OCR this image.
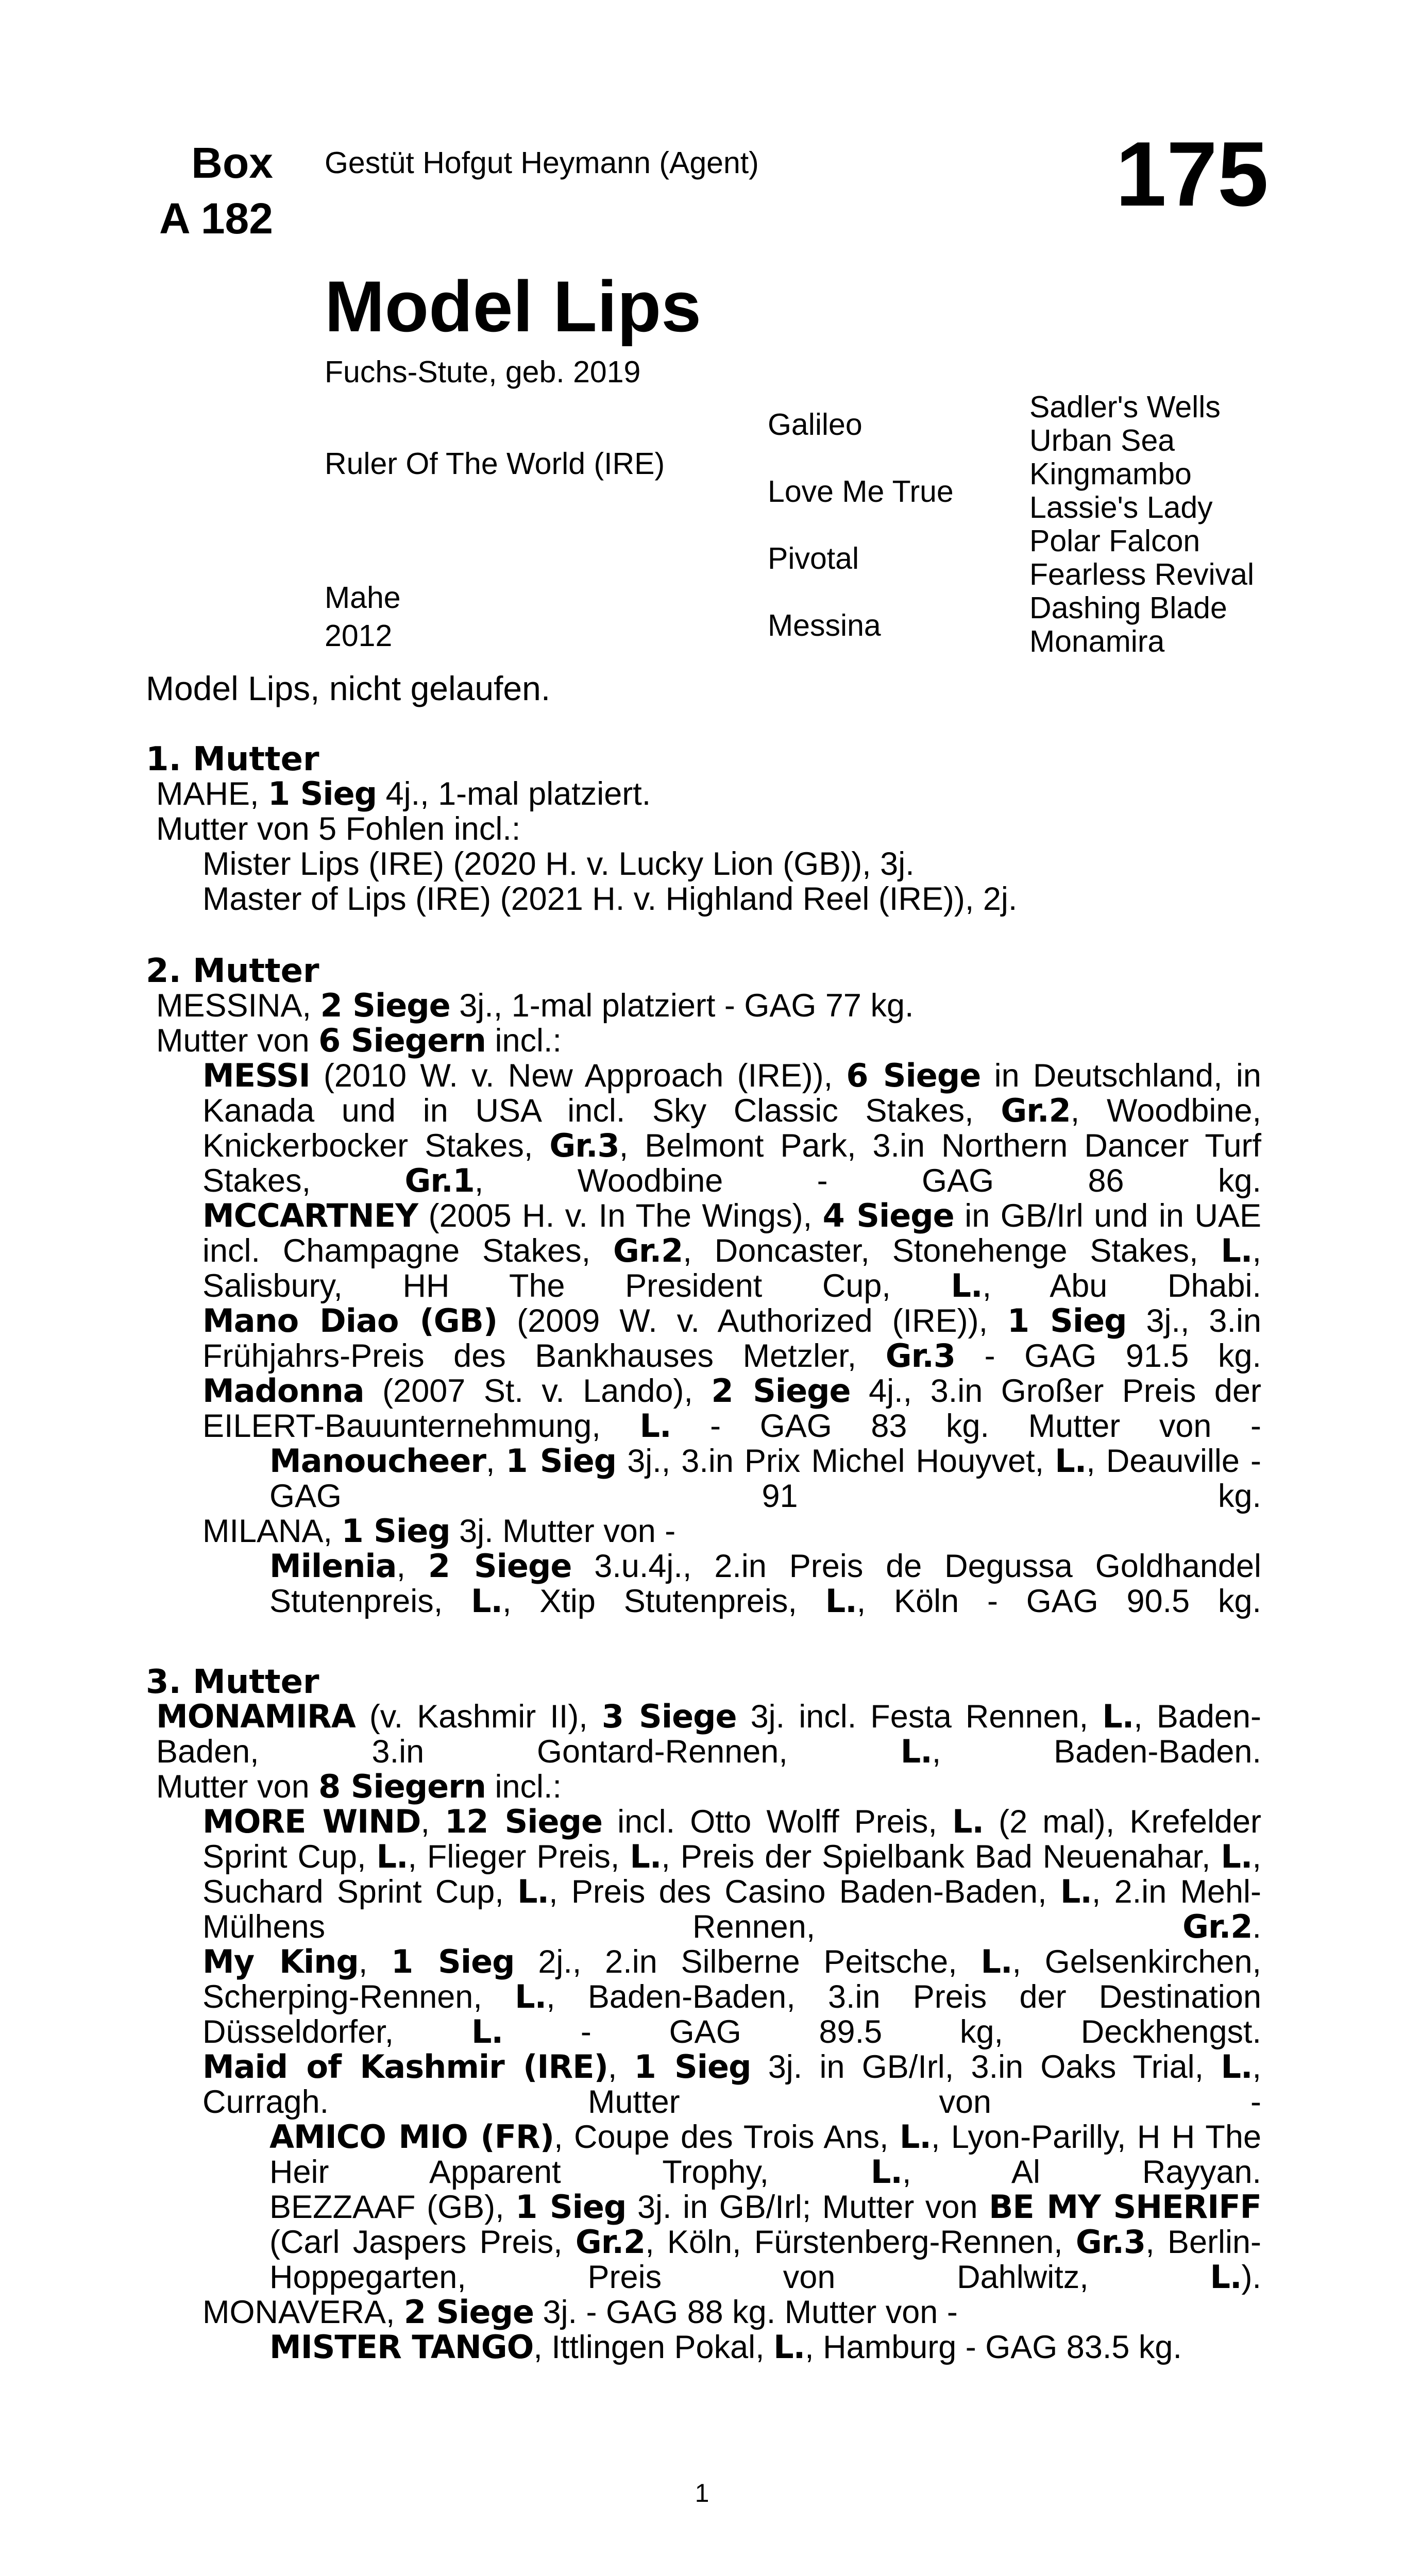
Box
A 182
Gestüt Hofgut Heymann (Agent)	175
Model Lips
Fuchs-Stute, geb. 2019
Ruler Of The World (IRE)
Mahe
2012
Galileo
Love Me True
Pivotal
Messina
Sadler's Wells
Urban Sea
Kingmambo
Lassie's Lady
Polar Falcon
Fearless Revival
Dashing Blade
Monamira
Model Lips, nicht gelaufen.
1. Mutter
MAHE, 1 Sieg 4j., 1-mal platziert.
Mutter von 5 Fohlen incl.:
Mister Lips (IRE) (2020 H. v. Lucky Lion (GB)), 3j.
Master of Lips (IRE) (2021 H. v. Highland Reel (IRE)), 2j.
2. Mutter
MESSINA, 2 Siege 3j., 1-mal platziert - GAG 77 kg.
Mutter von 6 Siegern incl.:
MESSI (2010 W. v. New Approach (IRE)), 6 Siege in Deutschland, in Kanada und in USA incl. Sky Classic Stakes, Gr.2, Woodbine, Knickerbocker Stakes, Gr.3, Belmont Park, 3.in Northern Dancer Turf Stakes, Gr.1, Woodbine - GAG 86 kg.
MCCARTNEY (2005 H. v. In The Wings), 4 Siege in GB/Irl und in UAE incl. Champagne Stakes, Gr.2, Doncaster, Stonehenge Stakes, L., Salisbury, HH The President Cup, L., Abu Dhabi.
Mano Diao (GB) (2009 W. v. Authorized (IRE)), 1 Sieg 3j., 3.in Frühjahrs-Preis des Bankhauses Metzler, Gr.3 - GAG 91.5 kg.
Madonna (2007 St. v. Lando), 2 Siege 4j., 3.in Großer Preis der EILERT-Bauunternehmung, L. - GAG 83 kg. Mutter von -
Manoucheer, 1 Sieg 3j., 3.in Prix Michel Houyvet, L., Deauville - GAG 91 kg.
MILANA, 1 Sieg 3j. Mutter von -
Milenia, 2 Siege 3.u.4j., 2.in Preis de Degussa Goldhandel Stutenpreis, L., Xtip Stutenpreis, L., Köln - GAG 90.5 kg.
3. Mutter
MONAMIRA (v. Kashmir II), 3 Siege 3j. incl. Festa Rennen, L., Baden-Baden, 3.in Gontard-Rennen, L., Baden-Baden.
Mutter von 8 Siegern incl.:
MORE WIND, 12 Siege incl. Otto Wolff Preis, L. (2 mal), Krefelder Sprint Cup, L., Flieger Preis, L., Preis der Spielbank Bad Neuenahar, L., Suchard Sprint Cup, L., Preis des Casino Baden-Baden, L., 2.in Mehl-Mülhens Rennen, Gr.2.
My King, 1 Sieg 2j., 2.in Silberne Peitsche, L., Gelsenkirchen, Scherping-Rennen, L., Baden-Baden, 3.in Preis der Destination Düsseldorfer, L. - GAG 89.5 kg, Deckhengst.
Maid of Kashmir (IRE), 1 Sieg 3j. in GB/Irl, 3.in Oaks Trial, L., Curragh. Mutter von -
AMICO MIO (FR), Coupe des Trois Ans, L., Lyon-Parilly, H H The Heir Apparent Trophy, L., Al Rayyan.
BEZZAAF (GB), 1 Sieg 3j. in GB/Irl; Mutter von BE MY SHERIFF (Carl Jaspers Preis, Gr.2, Köln, Fürstenberg-Rennen, Gr.3, Berlin-Hoppegarten, Preis von Dahlwitz, L.).
MONAVERA, 2 Siege 3j. - GAG 88 kg. Mutter von -
MISTER TANGO, Ittlingen Pokal, L., Hamburg - GAG 83.5 kg.
1
